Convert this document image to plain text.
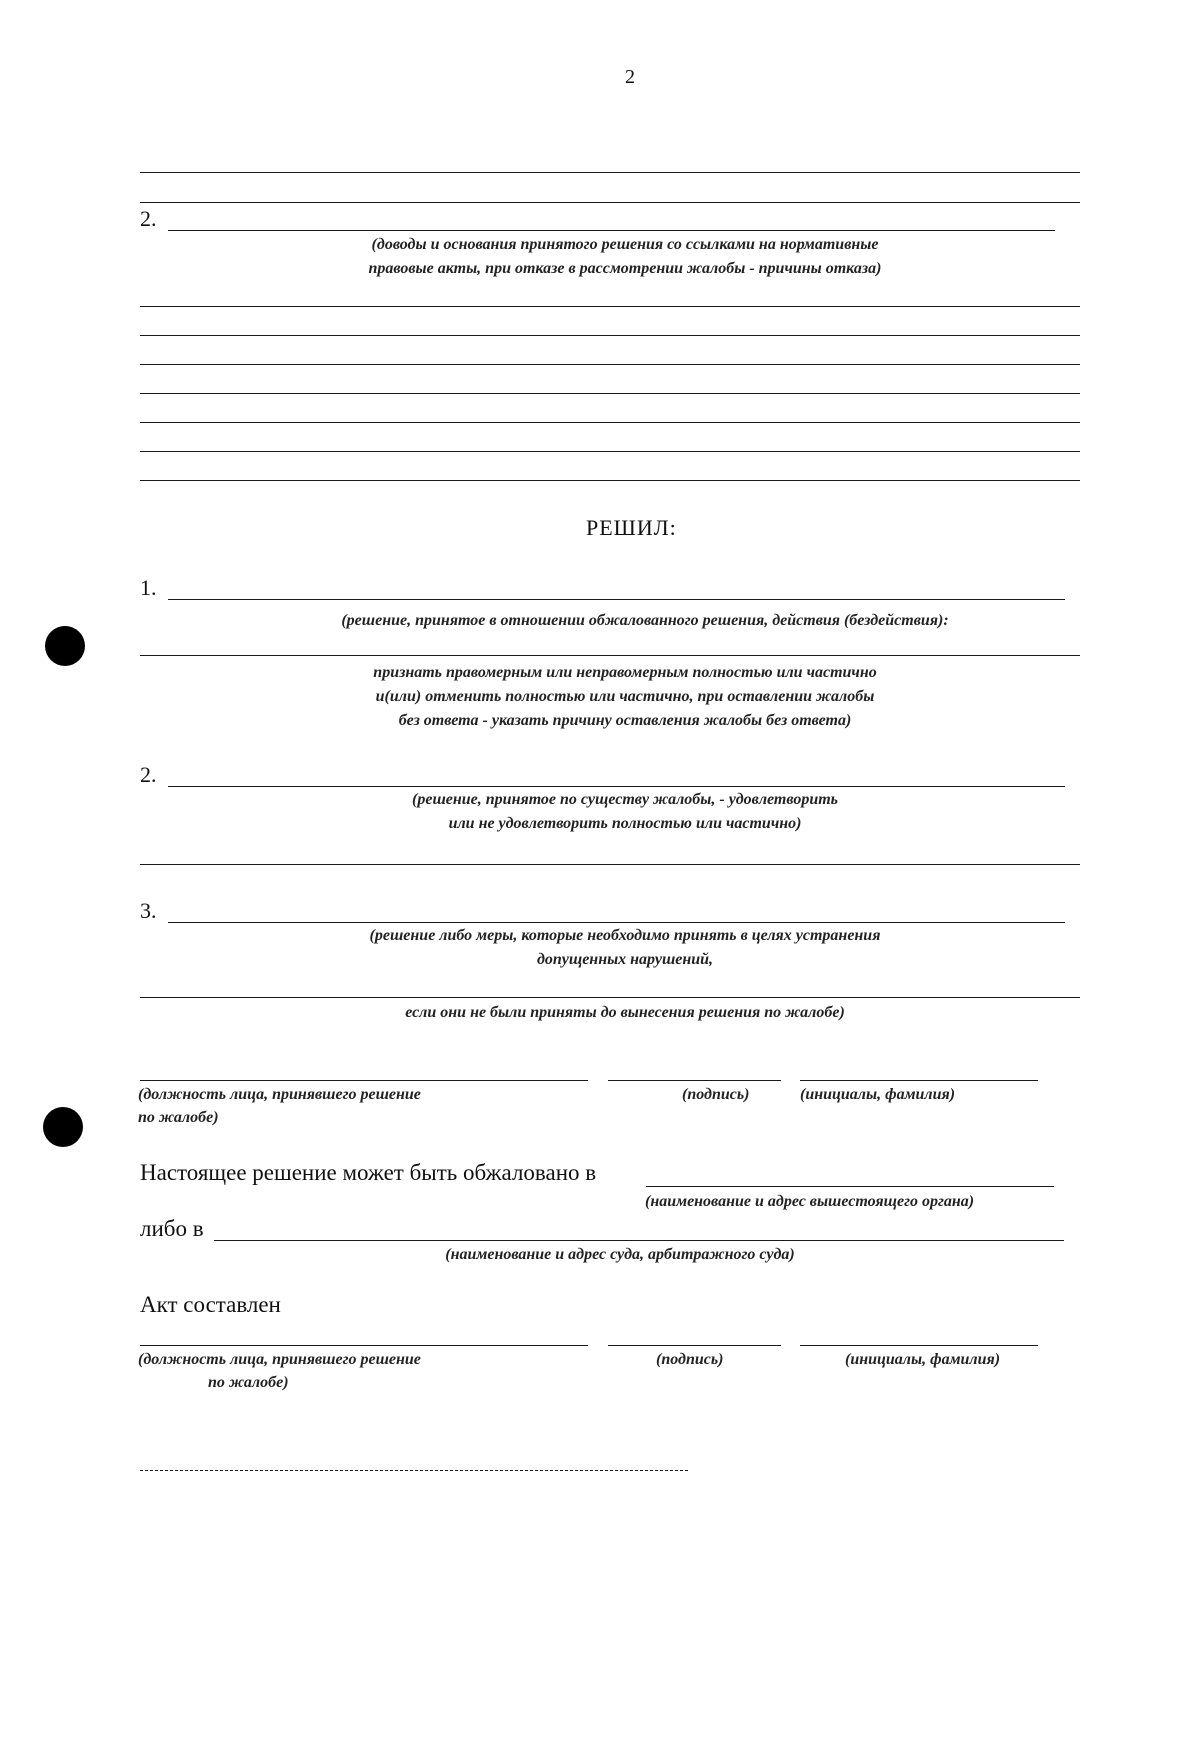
2
2.
(доводы и основания принятого решения со ссылками на нормативные
правовые акты, при отказе в рассмотрении жалобы - причины отказа)
РЕШИЛ:
1.
(решение, принятое в отношении обжалованного решения, действия (бездействия):
признать правомерным или неправомерным полностью или частично
и(или) отменить полностью или частично, при оставлении жалобы
без ответа - указать причину оставления жалобы без ответа)
2.
(решение, принятое по существу жалобы, - удовлетворить
или не удовлетворить полностью или частично)
3.
(решение либо меры, которые необходимо принять в целях устранения
допущенных нарушений,
если они не были приняты до вынесения решения по жалобе)
(должность лица, принявшего решение
по жалобе)
(подпись)	(инициалы, фамилия)
Настоящее решение может быть обжаловано в
(наименование и адрес вышестоящего органа)
либо в
(наименование и адрес суда, арбитражного суда)
Акт составлен
(должность лица, принявшего решение
по жалобе)
(подпись)	(инициалы, фамилия)
